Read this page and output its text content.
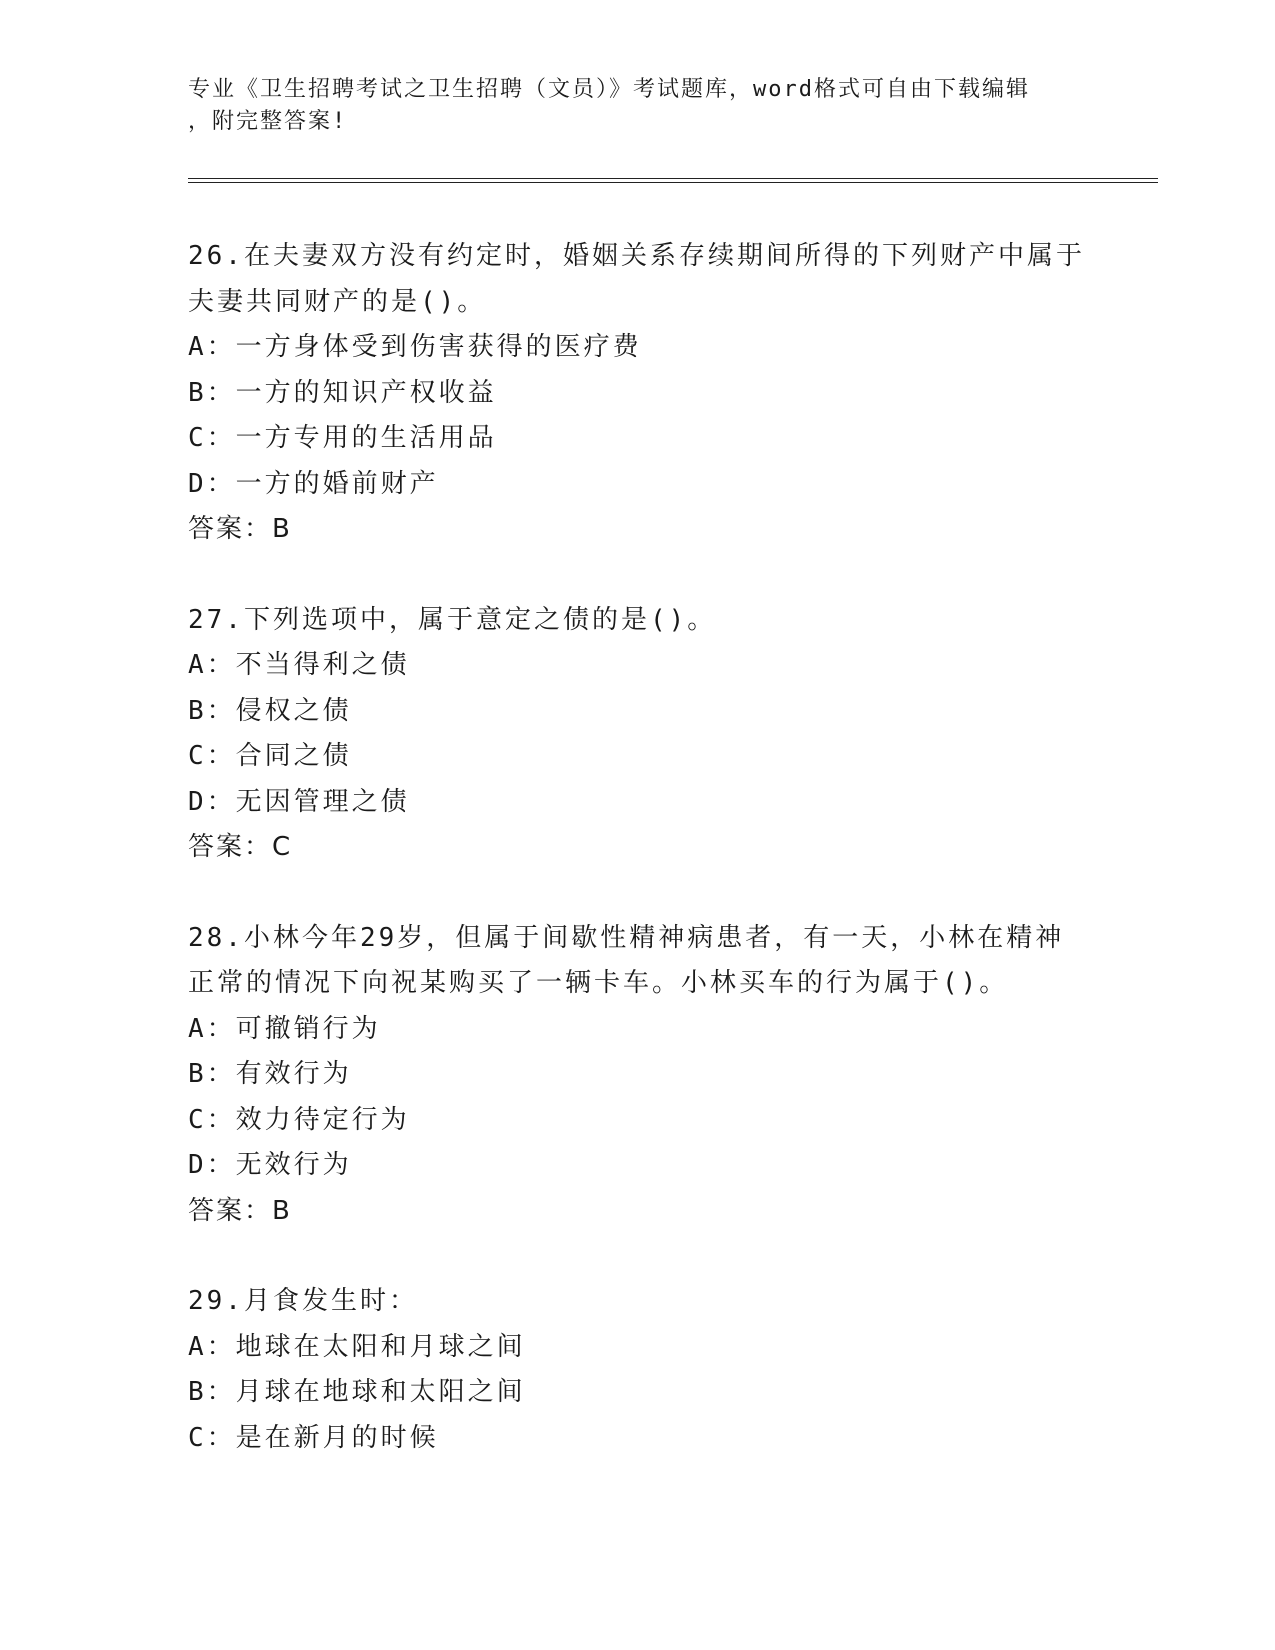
专业《卫生招聘考试之卫生招聘（文员）》考试题库，word格式可自由下载编辑
，附完整答案!
26.在夫妻双方没有约定时，婚姻关系存续期间所得的下列财产中属于
夫妻共同财产的是()。
A：一方身体受到伤害获得的医疗费
B：一方的知识产权收益
C：一方专用的生活用品
D：一方的婚前财产
答案：B
27.下列选项中，属于意定之债的是()。
A：不当得利之债
B：侵权之债
C：合同之债
D：无因管理之债
答案：C
28.小林今年29岁，但属于间歇性精神病患者，有一天，小林在精神
正常的情况下向祝某购买了一辆卡车。小林买车的行为属于()。
A：可撤销行为
B：有效行为
C：效力待定行为
D：无效行为
答案：B
29.月食发生时：
A：地球在太阳和月球之间
B：月球在地球和太阳之间
C：是在新月的时候
